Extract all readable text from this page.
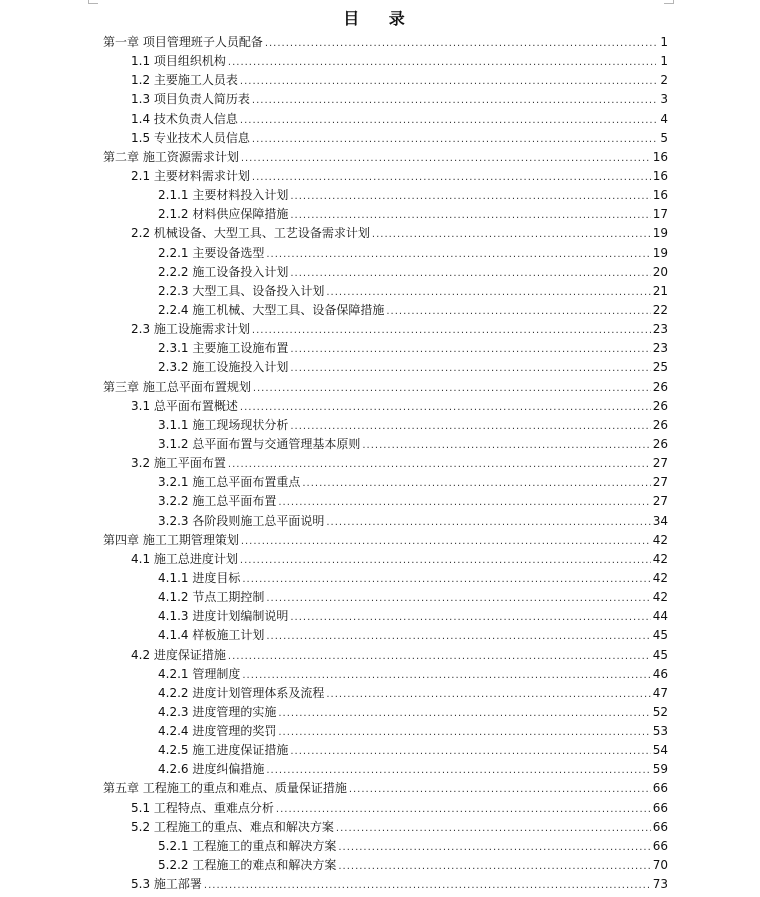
目 录
第一章 项目管理班子人员配备 .....	1
1.1 项目组织机构 .....	1
1.2 主要施工人员表 .....	2
1.3 项目负责人简历表 .....	3
1.4 技术负责人信息 .....	4
1.5 专业技术人员信息 .....	5
第二章 施工资源需求计划 .....	16
2.1 主要材料需求计划 .....	16
2.1.1 主要材料投入计划 .....	16
2.1.2 材料供应保障措施 .....	17
2.2 机械设备、大型工具、工艺设备需求计划 .....	19
2.2.1 主要设备选型 .....	19
2.2.2 施工设备投入计划 .....	20
2.2.3 大型工具、设备投入计划 .....	21
2.2.4 施工机械、大型工具、设备保障措施 .....	22
2.3 施工设施需求计划 .....	23
2.3.1 主要施工设施布置 .....	23
2.3.2 施工设施投入计划 .....	25
第三章 施工总平面布置规划 .....	26
3.1 总平面布置概述 .....	26
3.1.1 施工现场现状分析 .....	26
3.1.2 总平面布置与交通管理基本原则 .....	26
3.2 施工平面布置 .....	27
3.2.1 施工总平面布置重点 .....	27
3.2.2 施工总平面布置 .....	27
3.2.3 各阶段则施工总平面说明 .....	34
第四章 施工工期管理策划 .....	42
4.1 施工总进度计划 .....	42
4.1.1 进度目标 .....	42
4.1.2 节点工期控制 .....	42
4.1.3 进度计划编制说明 .....	44
4.1.4 样板施工计划 .....	45
4.2 进度保证措施 .....	45
4.2.1 管理制度 .....	46
4.2.2 进度计划管理体系及流程 .....	47
4.2.3 进度管理的实施 .....	52
4.2.4 进度管理的奖罚 .....	53
4.2.5 施工进度保证措施 .....	54
4.2.6 进度纠偏措施 .....	59
第五章 工程施工的重点和难点、质量保证措施 .....	66
5.1 工程特点、重难点分析 .....	66
5.2 工程施工的重点、难点和解决方案 .....	66
5.2.1 工程施工的重点和解决方案 .....	66
5.2.2 工程施工的难点和解决方案 .....	70
5.3 施工部署 .....	73
